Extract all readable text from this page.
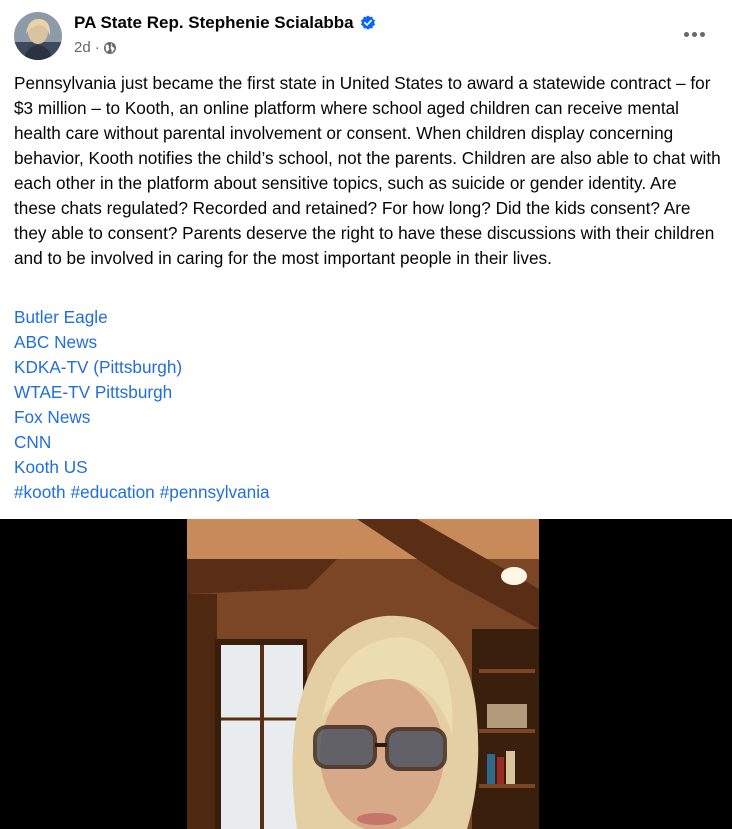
PA State Rep. Stephenie Scialabba
2d ·

Pennsylvania just became the first state in United States to award a statewide contract – for $3 million – to Kooth, an online platform where school aged children can receive mental health care without parental involvement or consent. When children display concerning behavior, Kooth notifies the child’s school, not the parents. Children are also able to chat with each other in the platform about sensitive topics, such as suicide or gender identity. Are these chats regulated? Recorded and retained? For how long? Did the kids consent? Are they able to consent? Parents deserve the right to have these discussions with their children and to be involved in caring for the most important people in their lives.

Butler Eagle
ABC News
KDKA-TV (Pittsburgh)
WTAE-TV Pittsburgh
Fox News
CNN
Kooth US
#kooth #education #pennsylvania
